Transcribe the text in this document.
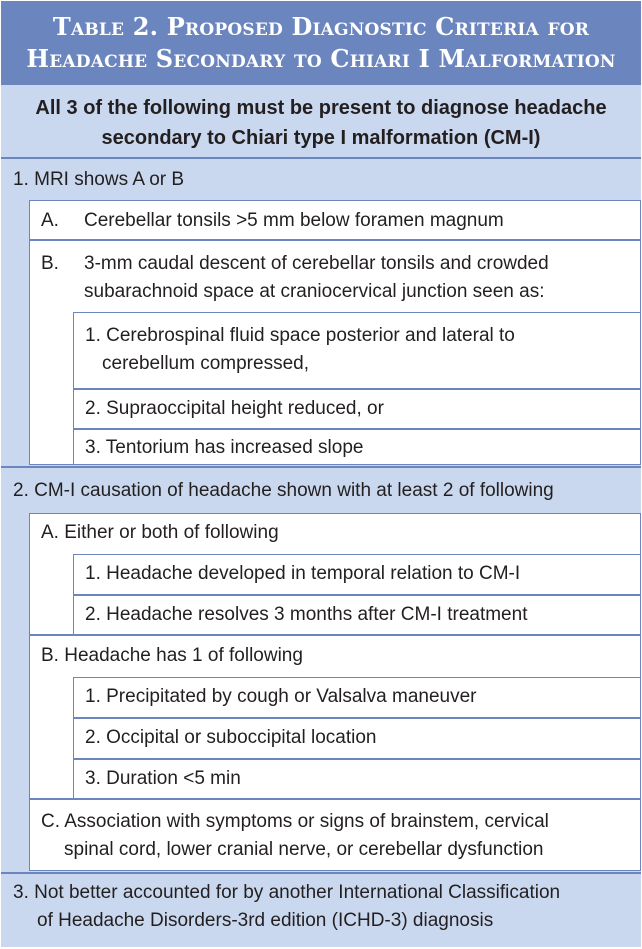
Table 2. Proposed Diagnostic Criteria for
Headache Secondary to Chiari I Malformation
All 3 of the following must be present to diagnose headache
secondary to Chiari type I malformation (CM-I)
1. MRI shows A or B
A. Cerebellar tonsils >5 mm below foramen magnum
B. 3-mm caudal descent of cerebellar tonsils and crowded
subarachnoid space at craniocervical junction seen as:
1. Cerebrospinal fluid space posterior and lateral to
cerebellum compressed,
2. Supraoccipital height reduced, or
3. Tentorium has increased slope
2. CM-I causation of headache shown with at least 2 of following
A. Either or both of following
1. Headache developed in temporal relation to CM-I
2. Headache resolves 3 months after CM-I treatment
B. Headache has 1 of following
1. Precipitated by cough or Valsalva maneuver
2. Occipital or suboccipital location
3. Duration <5 min
C. Association with symptoms or signs of brainstem, cervical
spinal cord, lower cranial nerve, or cerebellar dysfunction
3. Not better accounted for by another International Classification
of Headache Disorders-3rd edition (ICHD-3) diagnosis
